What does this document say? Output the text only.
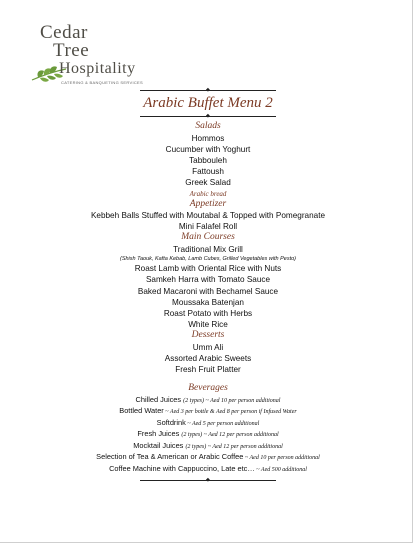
Cedar
Tree
Hospitality
CATERING & BANQUETING SERVICES
◆
Arabic Buffet Menu 2
◆
Salads
Hommos
Cucumber with Yoghurt
Tabbouleh
Fattoush
Greek Salad
Arabic bread
Appetizer
Kebbeh Balls Stuffed with Moutabal & Topped with Pomegranate
Mini Falafel Roll
Main Courses
Traditional Mix Grill
(Shish Taouk, Kafta Kebab, Lamb Cubes, Grilled Vegetables with Pesto)
Roast Lamb with Oriental Rice with Nuts
Samkeh Harra with Tomato Sauce
Baked Macaroni with Bechamel Sauce
Moussaka Batenjan
Roast Potato with Herbs
White Rice
Desserts
Umm Ali
Assorted Arabic Sweets
Fresh Fruit Platter
Beverages
Chilled Juices (2 types) ~ Aed 10 per person additional
Bottled Water ~ Aed 3 per bottle & Aed 8 per person if Infused Water
Softdrink ~ Aed 5 per person additional
Fresh Juices (2 types) ~ Aed 12 per person additional
Mocktail Juices (2 types) ~ Aed 12 per person additional
Selection of Tea & American or Arabic Coffee ~ Aed 10 per person additional
Coffee Machine with Cappuccino, Late etc… ~ Aed 500 additional
◆
